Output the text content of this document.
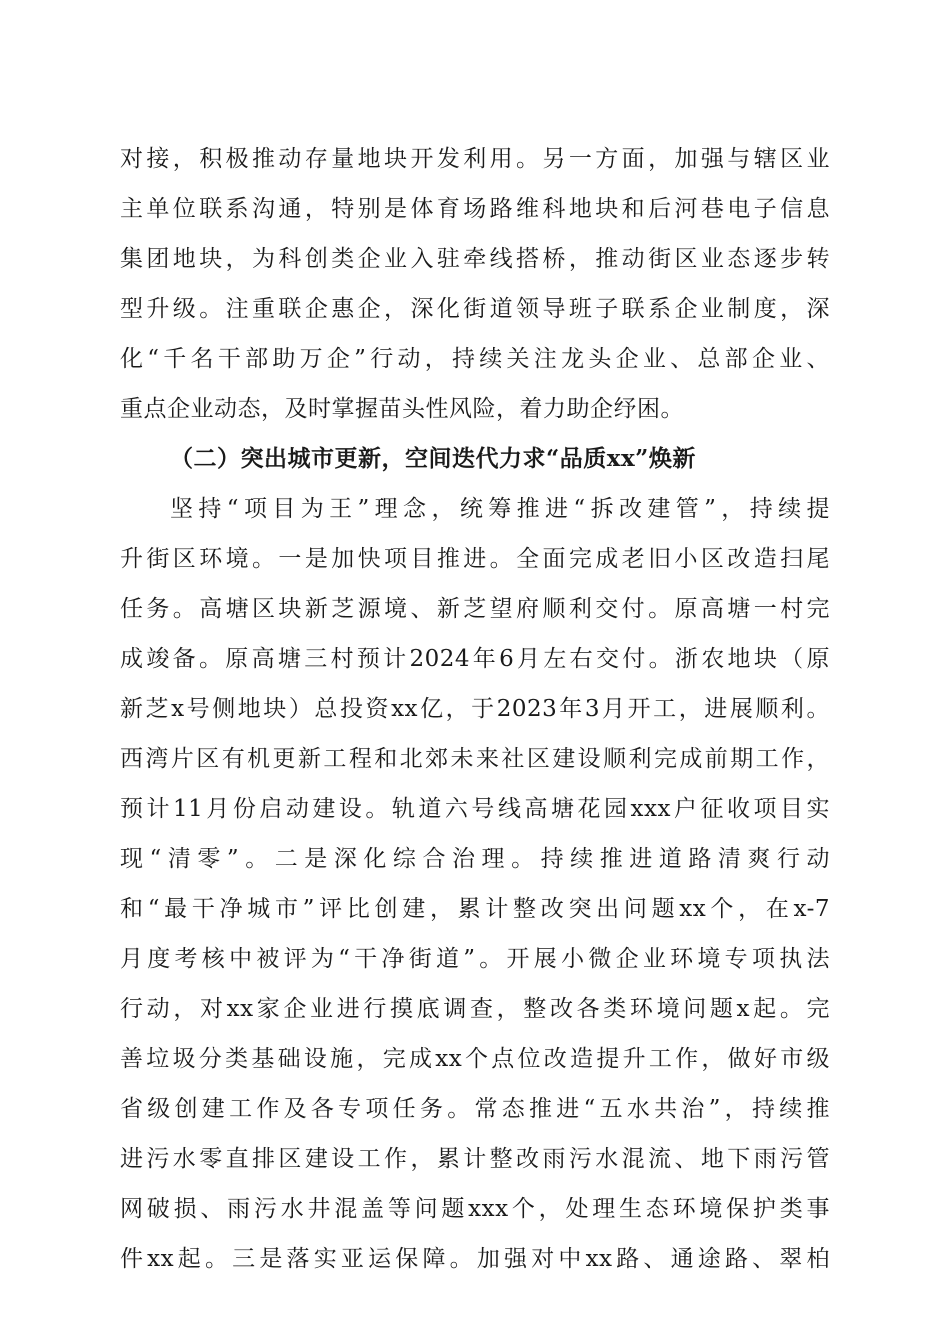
对接，积极推动存量地块开发利用。另一方面，加强与辖区业
主单位联系沟通，特别是体育场路维科地块和后河巷电子信息
集团地块，为科创类企业入驻牵线搭桥，推动街区业态逐步转
型升级。注重联企惠企，深化街道领导班子联系企业制度，深
化“千名干部助万企”行动，持续关注龙头企业、总部企业、
重点企业动态，及时掌握苗头性风险，着力助企纾困。
（二）突出城市更新，空间迭代力求“品质xx”焕新
坚持“项目为王”理念，统筹推进“拆改建管”，持续提
升街区环境。一是加快项目推进。全面完成老旧小区改造扫尾
任务。高塘区块新芝源境、新芝望府顺利交付。原高塘一村完
成竣备。原高塘三村预计2024年6月左右交付。浙农地块（原
新芝x号侧地块）总投资xx亿，于2023年3月开工，进展顺利。
西湾片区有机更新工程和北郊未来社区建设顺利完成前期工作，
预计11月份启动建设。轨道六号线高塘花园xxx户征收项目实
现“清零”。二是深化综合治理。持续推进道路清爽行动
和“最干净城市”评比创建，累计整改突出问题xx个，在x-7
月度考核中被评为“干净街道”。开展小微企业环境专项执法
行动，对xx家企业进行摸底调查，整改各类环境问题x起。完
善垃圾分类基础设施，完成xx个点位改造提升工作，做好市级
省级创建工作及各专项任务。常态推进“五水共治”，持续推
进污水零直排区建设工作，累计整改雨污水混流、地下雨污管
网破损、雨污水井混盖等问题xxx个，处理生态环境保护类事
件xx起。三是落实亚运保障。加强对中xx路、通途路、翠柏
